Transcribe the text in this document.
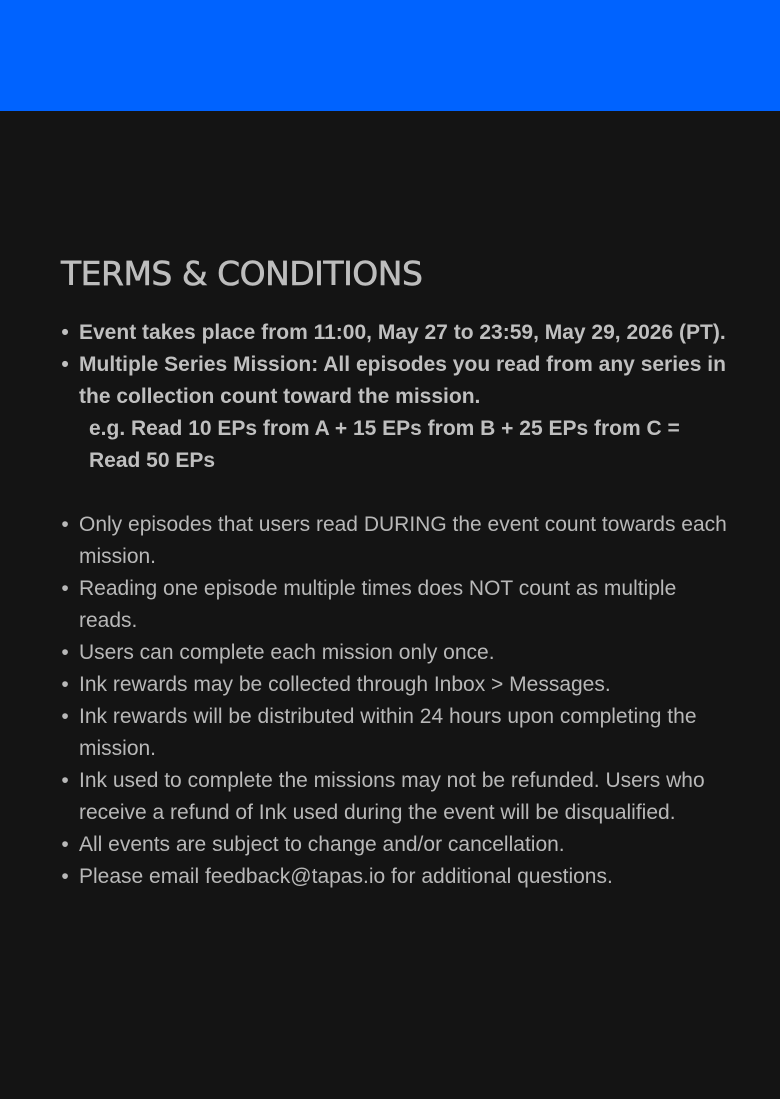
TERMS & CONDITIONS
• Event takes place from 11:00, May 27 to 23:59, May 29, 2026 (PT).
• Multiple Series Mission: All episodes you read from any series in the collection count toward the mission.
e.g. Read 10 EPs from A + 15 EPs from B + 25 EPs from C = Read 50 EPs
• Only episodes that users read DURING the event count towards each mission.
• Reading one episode multiple times does NOT count as multiple reads.
• Users can complete each mission only once.
• Ink rewards may be collected through Inbox > Messages.
• Ink rewards will be distributed within 24 hours upon completing the mission.
• Ink used to complete the missions may not be refunded. Users who receive a refund of Ink used during the event will be disqualified.
• All events are subject to change and/or cancellation.
• Please email feedback@tapas.io for additional questions.
